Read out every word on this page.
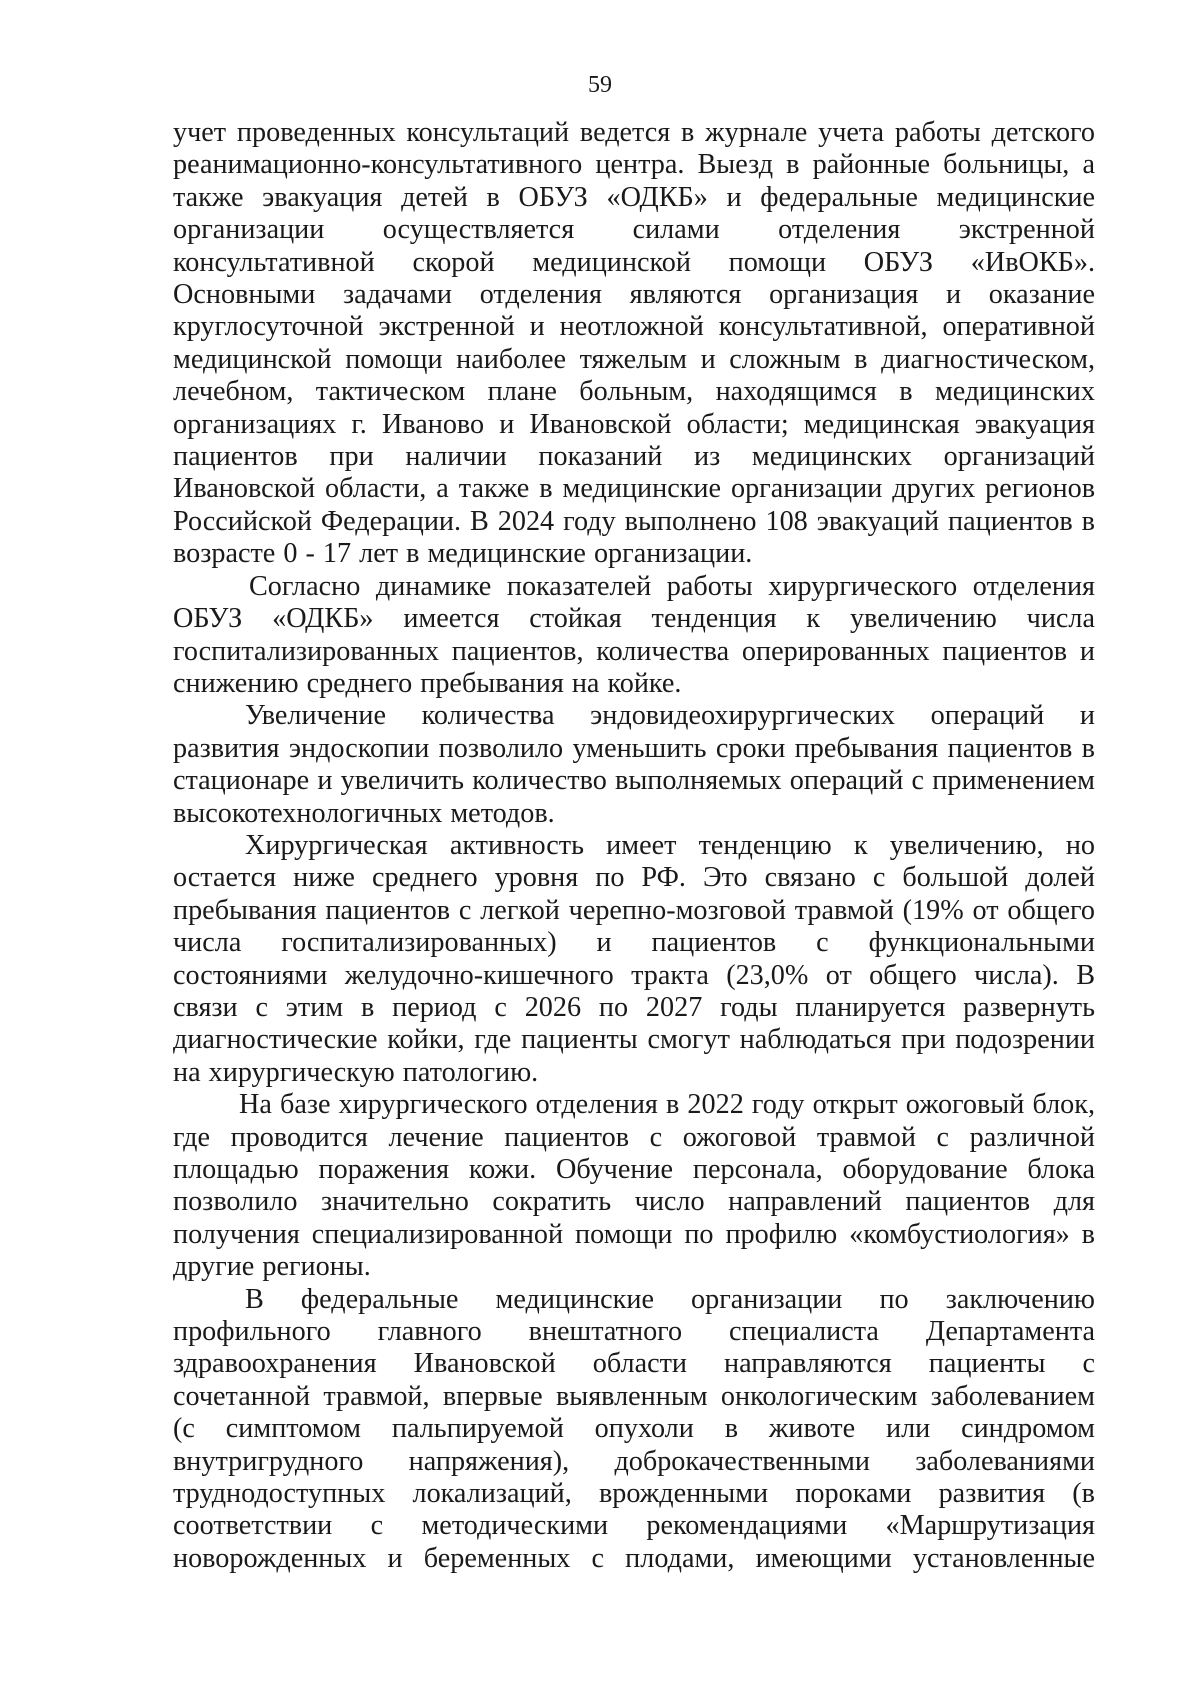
59

учет проведенных консультаций ведется в журнале учета работы детского реанимационно-консультативного центра. Выезд в районные больницы, а также эвакуация детей в ОБУЗ «ОДКБ» и федеральные медицинские организации осуществляется силами отделения экстренной консультативной скорой медицинской помощи ОБУЗ «ИвОКБ». Основными задачами отделения являются организация и оказание круглосуточной экстренной и неотложной консультативной, оперативной медицинской помощи наиболее тяжелым и сложным в диагностическом, лечебном, тактическом плане больным, находящимся в медицинских организациях г. Иваново и Ивановской области; медицинская эвакуация пациентов при наличии показаний из медицинских организаций Ивановской области, а также в медицинские организации других регионов Российской Федерации. В 2024 году выполнено 108 эвакуаций пациентов в возрасте 0 - 17 лет в медицинские организации.

Согласно динамике показателей работы хирургического отделения ОБУЗ «ОДКБ» имеется стойкая тенденция к увеличению числа госпитализированных пациентов, количества оперированных пациентов и снижению среднего пребывания на койке.

Увеличение количества эндовидеохирургических операций и развития эндоскопии позволило уменьшить сроки пребывания пациентов в стационаре и увеличить количество выполняемых операций с применением высокотехнологичных методов.

Хирургическая активность имеет тенденцию к увеличению, но остается ниже среднего уровня по РФ. Это связано с большой долей пребывания пациентов с легкой черепно-мозговой травмой (19% от общего числа госпитализированных) и пациентов с функциональными состояниями желудочно-кишечного тракта (23,0% от общего числа). В связи с этим в период с 2026 по 2027 годы планируется развернуть диагностические койки, где пациенты смогут наблюдаться при подозрении на хирургическую патологию.

На базе хирургического отделения в 2022 году открыт ожоговый блок, где проводится лечение пациентов с ожоговой травмой с различной площадью поражения кожи. Обучение персонала, оборудование блока позволило значительно сократить число направлений пациентов для получения специализированной помощи по профилю «комбустиология» в другие регионы.

В федеральные медицинские организации по заключению профильного главного внештатного специалиста Департамента здравоохранения Ивановской области направляются пациенты с сочетанной травмой, впервые выявленным онкологическим заболеванием (с симптомом пальпируемой опухоли в животе или синдромом внутригрудного напряжения), доброкачественными заболеваниями труднодоступных локализаций, врожденными пороками развития (в соответствии с методическими рекомендациями «Маршрутизация новорожденных и беременных с плодами, имеющими установленные
